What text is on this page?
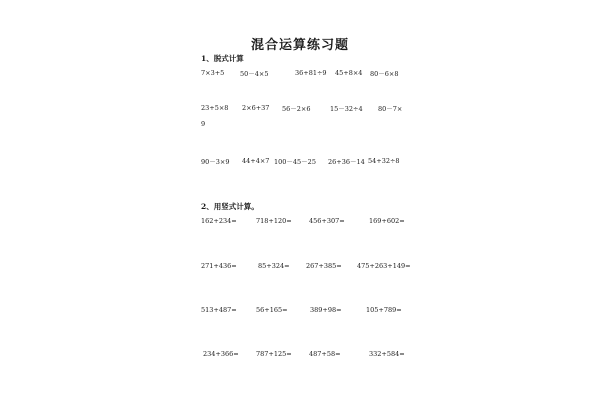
混合运算练习题
1、脱式计算
7×3+5 50－4×5	36+81÷9 45+8×4 80－6×8
23+5×8 2×6+37 56－2×6	15－32÷4 80－7×
9
90－3×9 44+4×7 100－45－25 26+36－14 54+32÷8
2、用竖式计算。
162+234=	718+120=	456+307=	169+602=
271+436=	85+324=	267+385= 475+263+149=
513+487=	56+165=	389+98=	105+789=
234+366=	787+125=	487+58=	332+584=
